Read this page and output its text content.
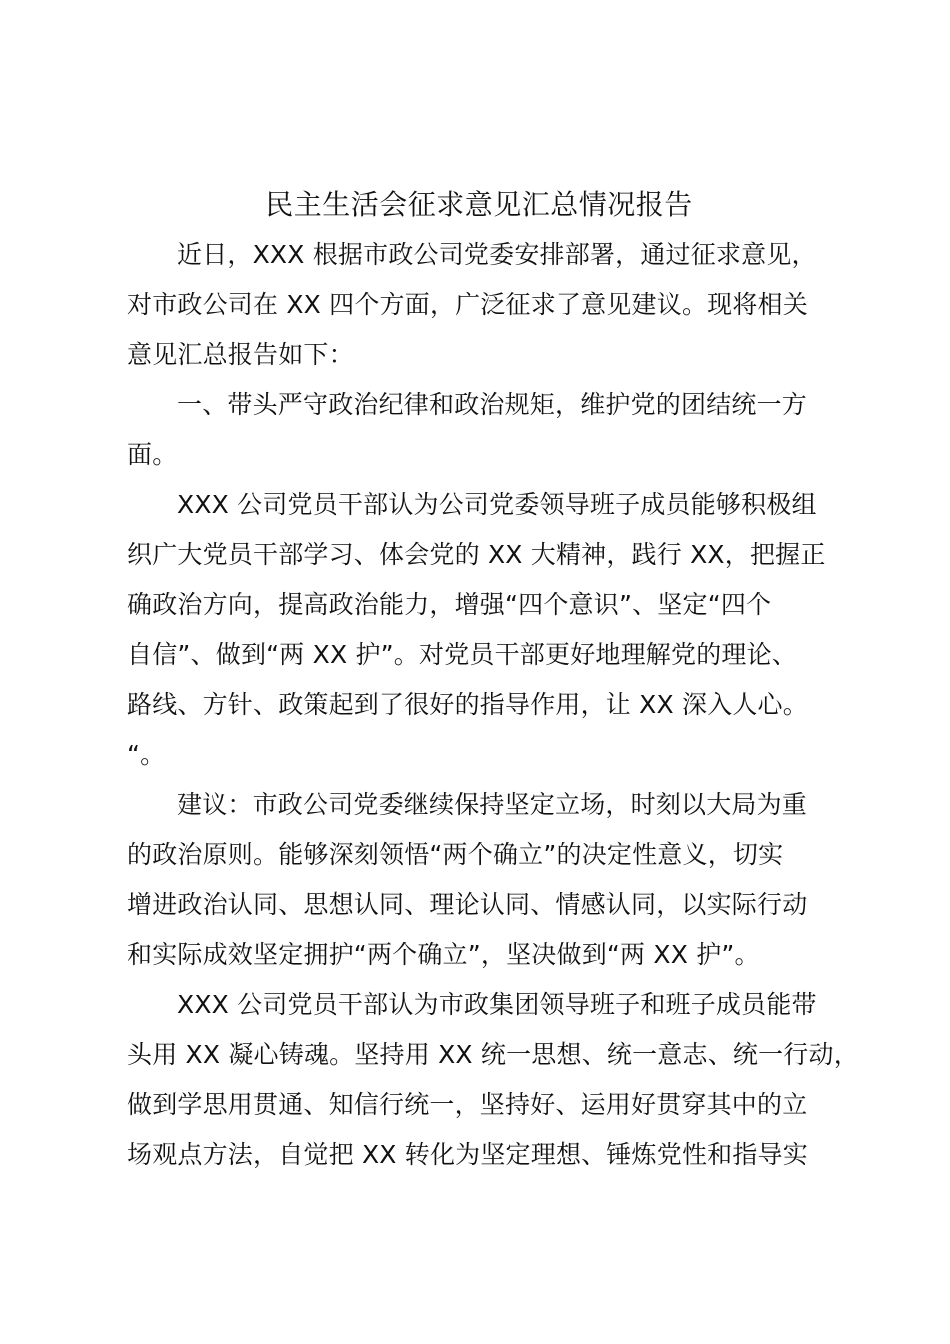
民主生活会征求意见汇总情况报告
近日，XXX 根据市政公司党委安排部署，通过征求意见，
对市政公司在 XX 四个方面，广泛征求了意见建议。现将相关
意见汇总报告如下：
一、带头严守政治纪律和政治规矩，维护党的团结统一方
面。
XXX 公司党员干部认为公司党委领导班子成员能够积极组
织广大党员干部学习、体会党的 XX 大精神，践行 XX，把握正
确政治方向，提高政治能力，增强“四个意识”、坚定“四个
自信”、做到“两 XX 护”。对党员干部更好地理解党的理论、
路线、方针、政策起到了很好的指导作用，让 XX 深入人心。
“。
建议：市政公司党委继续保持坚定立场，时刻以大局为重
的政治原则。能够深刻领悟“两个确立”的决定性意义，切实
增进政治认同、思想认同、理论认同、情感认同，以实际行动
和实际成效坚定拥护“两个确立”，坚决做到“两 XX 护”。
XXX 公司党员干部认为市政集团领导班子和班子成员能带
头用 XX 凝心铸魂。坚持用 XX 统一思想、统一意志、统一行动，
做到学思用贯通、知信行统一，坚持好、运用好贯穿其中的立
场观点方法，自觉把 XX 转化为坚定理想、锤炼党性和指导实
